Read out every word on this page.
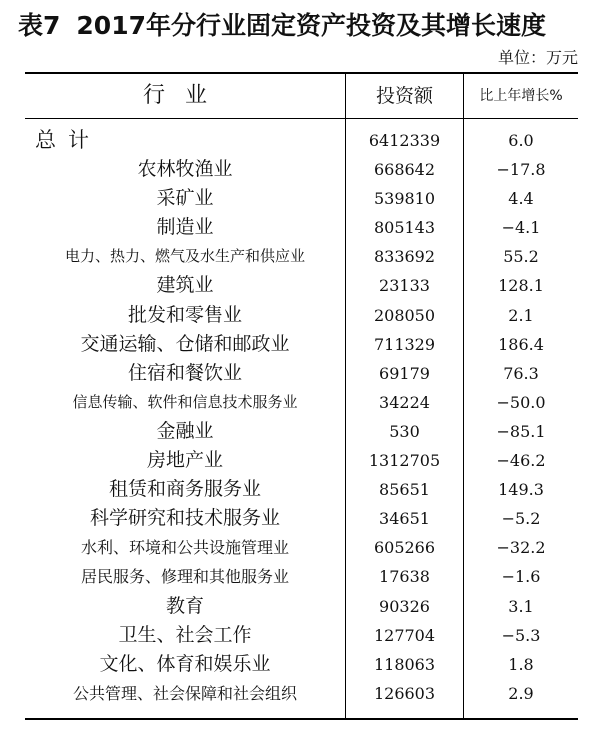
表7 2017年分行业固定资产投资及其增长速度
单位：万元
行业	投资额	比上年增长%
总计	6412339	6.0
农林牧渔业	668642	−17.8
采矿业	539810	4.4
制造业	805143	−4.1
电力、热力、燃气及水生产和供应业	833692	55.2
建筑业	23133	128.1
批发和零售业	208050	2.1
交通运输、仓储和邮政业	711329	186.4
住宿和餐饮业	69179	76.3
信息传输、软件和信息技术服务业	34224	−50.0
金融业	530	−85.1
房地产业	1312705	−46.2
租赁和商务服务业	85651	149.3
科学研究和技术服务业	34651	−5.2
水利、环境和公共设施管理业	605266	−32.2
居民服务、修理和其他服务业	17638	−1.6
教育	90326	3.1
卫生、社会工作	127704	−5.3
文化、体育和娱乐业	118063	1.8
公共管理、社会保障和社会组织	126603	2.9
